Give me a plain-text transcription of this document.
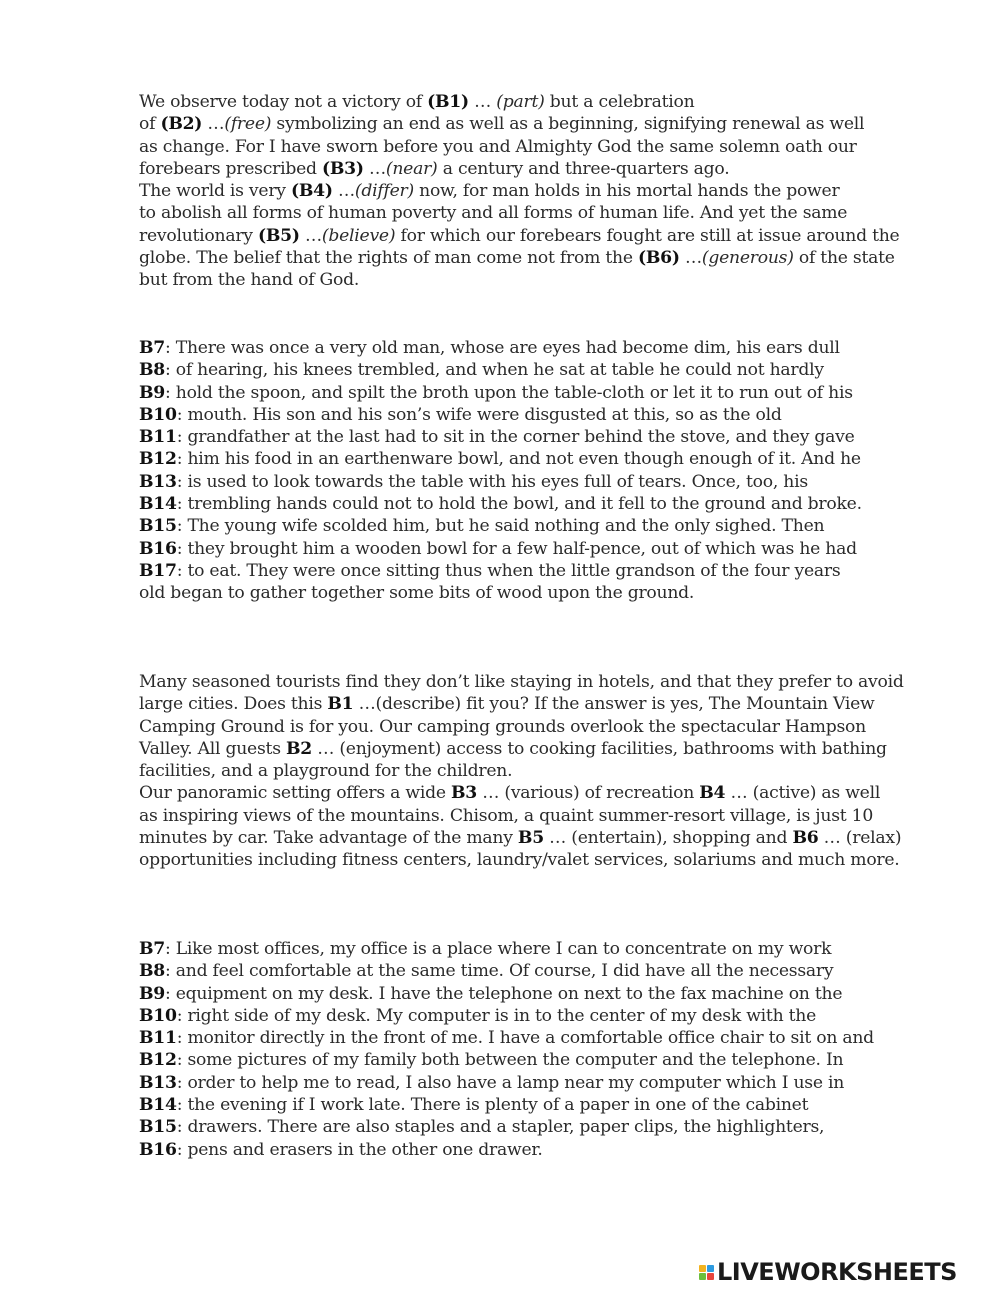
We observe today not a victory of (B1) … (part) but a celebration
of (B2) …(free) symbolizing an end as well as a beginning, signifying renewal as well
as change. For I have sworn before you and Almighty God the same solemn oath our
forebears prescribed (B3) …(near) a century and three-quarters ago.
The world is very (B4) …(differ) now, for man holds in his mortal hands the power
to abolish all forms of human poverty and all forms of human life. And yet the same
revolutionary (B5) …(believe) for which our forebears fought are still at issue around the
globe. The belief that the rights of man come not from the (B6) …(generous) of the state
but from the hand of God.
B7: There was once a very old man, whose are eyes had become dim, his ears dull
B8: of hearing, his knees trembled, and when he sat at table he could not hardly
B9: hold the spoon, and spilt the broth upon the table-cloth or let it to run out of his
B10: mouth. His son and his son’s wife were disgusted at this, so as the old
B11: grandfather at the last had to sit in the corner behind the stove, and they gave
B12: him his food in an earthenware bowl, and not even though enough of it. And he
B13: is used to look towards the table with his eyes full of tears. Once, too, his
B14: trembling hands could not to hold the bowl, and it fell to the ground and broke.
B15: The young wife scolded him, but he said nothing and the only sighed. Then
B16: they brought him a wooden bowl for a few half-pence, out of which was he had
B17: to eat. They were once sitting thus when the little grandson of the four years
old began to gather together some bits of wood upon the ground.
Many seasoned tourists find they don’t like staying in hotels, and that they prefer to avoid
large cities. Does this B1 …(describe) fit you? If the answer is yes, The Mountain View
Camping Ground is for you. Our camping grounds overlook the spectacular Hampson
Valley. All guests B2 … (enjoyment) access to cooking facilities, bathrooms with bathing
facilities, and a playground for the children.
Our panoramic setting offers a wide B3 … (various) of recreation B4 … (active) as well
as inspiring views of the mountains. Chisom, a quaint summer-resort village, is just 10
minutes by car. Take advantage of the many B5 … (entertain), shopping and B6 … (relax)
opportunities including fitness centers, laundry/valet services, solariums and much more.
B7: Like most offices, my office is a place where I can to concentrate on my work
B8: and feel comfortable at the same time. Of course, I did have all the necessary
B9: equipment on my desk. I have the telephone on next to the fax machine on the
B10: right side of my desk. My computer is in to the center of my desk with the
B11: monitor directly in the front of me. I have a comfortable office chair to sit on and
B12: some pictures of my family both between the computer and the telephone. In
B13: order to help me to read, I also have a lamp near my computer which I use in
B14: the evening if I work late. There is plenty of a paper in one of the cabinet
B15: drawers. There are also staples and a stapler, paper clips, the highlighters,
B16: pens and erasers in the other one drawer.
LIVEWORKSHEETS
